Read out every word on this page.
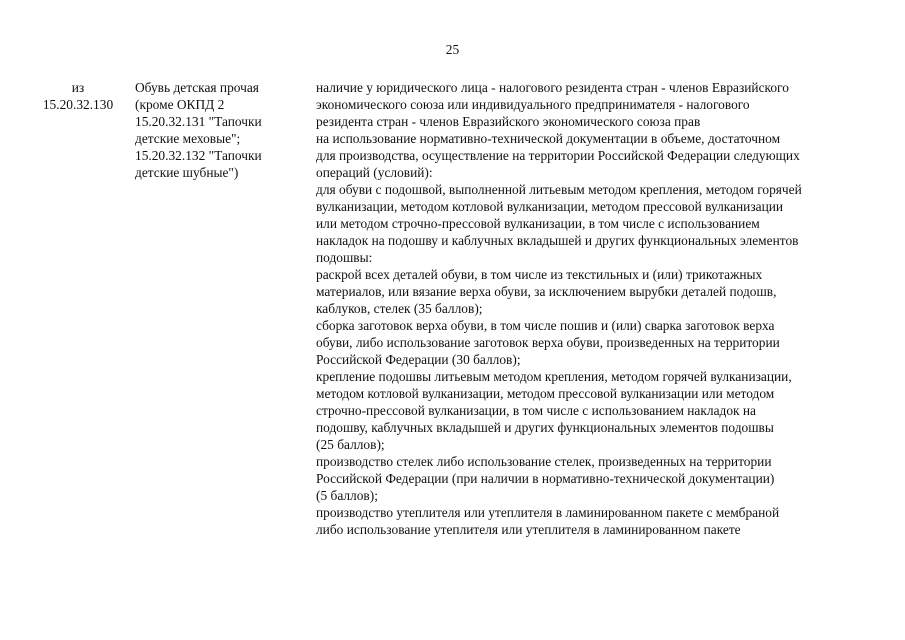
25
из
15.20.32.130
Обувь детская прочая
(кроме ОКПД 2
15.20.32.131 "Тапочки
детские меховые";
15.20.32.132 "Тапочки
детские шубные")
наличие у юридического лица - налогового резидента стран - членов Евразийского
экономического союза или индивидуального предпринимателя - налогового
резидента стран - членов Евразийского экономического союза прав
на использование нормативно-технической документации в объеме, достаточном
для производства, осуществление на территории Российской Федерации следующих
операций (условий):
для обуви с подошвой, выполненной литьевым методом крепления, методом горячей
вулканизации, методом котловой вулканизации, методом прессовой вулканизации
или методом строчно-прессовой вулканизации, в том числе с использованием
накладок на подошву и каблучных вкладышей и других функциональных элементов
подошвы:
раскрой всех деталей обуви, в том числе из текстильных и (или) трикотажных
материалов, или вязание верха обуви, за исключением вырубки деталей подошв,
каблуков, стелек (35 баллов);
сборка заготовок верха обуви, в том числе пошив и (или) сварка заготовок верха
обуви, либо использование заготовок верха обуви, произведенных на территории
Российской Федерации (30 баллов);
крепление подошвы литьевым методом крепления, методом горячей вулканизации,
методом котловой вулканизации, методом прессовой вулканизации или методом
строчно-прессовой вулканизации, в том числе с использованием накладок на
подошву, каблучных вкладышей и других функциональных элементов подошвы
(25 баллов);
производство стелек либо использование стелек, произведенных на территории
Российской Федерации (при наличии в нормативно-технической документации)
(5 баллов);
производство утеплителя или утеплителя в ламинированном пакете с мембраной
либо использование утеплителя или утеплителя в ламинированном пакете
